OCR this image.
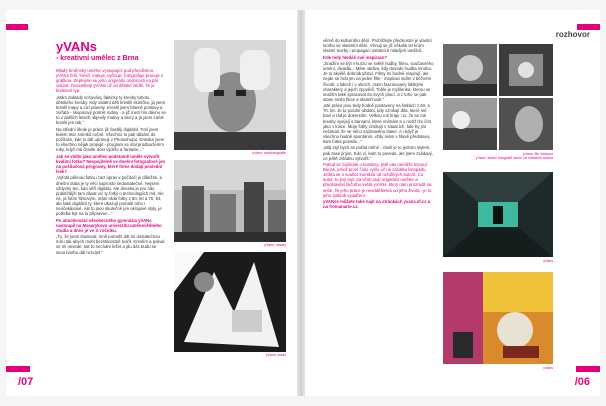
yVANs
- kreativní umělec z Brna

Mladý brněnský umělec vystupující pod přezdívkou yVANs řeší, kreslí, maluje, vyřizuje, fotografuje pracuje s grafikou. Zeptejme se jeho originální osobnosti na pár otázek. Dvacetiletý yVANs už od dětství věděl, že je kreativní typ.

„Mám doklady schovány fakticky ty kresby tohoto dětského kresby. Kdy ostatní děti kreslili sluníčko, já jsem kreslil mapy a cizí planety. Kreslil jsem hlavně postavy a zvířata - skupinový portrét rodiny - a již mezi tím dávno se to v dalších letech objevily motivy a skicy a já jsem začal kreslit jen tak,“

Na střední škole je práce již častěji digitální. Fotí jsem kolem tisíc snímků ročně. Všechno to pak dávám do počítače, kde to dál upravuji v Photoshopu. Dneska jsem to všechno nějak propojil - program se stal prodloužením ruky, když má člověk dost výdrže a fantazie...“

Jak se vidíte jako umělec podstatně uměle vytvořit kvalitní fotku? Nespojitelně ve dnešní fotografové jen na počítačová programy, které fotce dodají poslední lesk?

„Vyfotit pěknou fotku i bez úprav v počítači je důležité, a dnešní doba je ty věci naprosto nedostatečné. Nejsem vždycky ten, kdo věří digitálu. Ale dneska je pro nás praktičtější tam dávat víc ty fotky o technologiích mít. Ale ne, já fotím filmovým, mám ráda fotky z 60. let a 70. let, ale také digitální ty, které ukazují pomalé toho i neočekávané. Ale to jsou skutečně jen okrajové styly, je potřeba být na to připraven...“

Po absolvování všeobecného gymnázia yVANs nastoupil na Masarykovu univerzitu uměnovědného studia a dnes je ve 3. ročníku.

„To, že jsem studoval, mně pomohl dát mi dostatečnou míru tak abych mohl bezstarostně tvořit. Kreslím a pokud se mi nevede, tak to nechám ležet a jdu dál, budu se svou tvorbu dál rozvíjet.“

yVans: autofotografie
yVans: otiskly
yVans: kolaž
/07
rozhovor

věrně do kulturního dění. Prohlížejte přednostní je vlastní tvorbu ve vlastním dění. Věnuji se již několik let krom vlastní tvorby i propagaci ostatních mladých umělců.

Kde tedy hledáš své inspirace?

„Snažím se být v kurzu ve světě hudby, filmu, současného umění, divadla... Mám obdivu, kdy dovede hudba mnoho. Je to skvělé dobrodružství. Filmy mi hodně inspirují, ale nejde se hrát jen na jeden film - inspiraci vidím v běžném životě, v lidech i v ulicích. Jsem fascinovaný lidskými charaktery a jejich zpovědí. Tohle je myšlenka, kterou se snažím také zpracovat do svých prací, a z toho se pak stane směs fikce a skutečnosti.“

„Mé práce jsou tedy hodně postaveny na fotkách z 60. a 70. let. Je to pozdní období, kdy vznikají díla, které mě baví a rád je dokreslím. Velkou roli hraje i to, že se mé kresby vyvíjejí s barvami, které vnímám a v nichž lze číst jako v knize. Moje fotky vznikají v situacích, kde by jiní nečekali, že se něco zajímavého stane. A i když je všechno hodně spontánní, vždy mám v hlavě představu, kam fotka povede...“

„Můj styl bych se pořád měnil - chvíli je to jedním stylem, pak zase jiným. Kdo ví, kam to povede, ale jsem zvědavý, co ještě zvládnu vytvořit.“

Pokud se zajímáte o komiksy, jistě vás nemůže minout Bucek, jehož první číslo vyšlo už na začátku listopadu. Jedná se o soubor komiksů od rozdílných autorů. Co autor, to jiný styl. Za vším stojí originální umělec a představitel fikčního světa yVANs, který nám prozradil na sebe, že jeho práce je neoddělitelná od jeho života - je to jeho způsob vyjádření.

yVANse můžete také najít na stránkách yvans.ef.cz a na fromanarte.cz.

yVans: flik Vedoucí
yVans: sedmi fotografů okem od mladého autora
yVans
yVans
/06
